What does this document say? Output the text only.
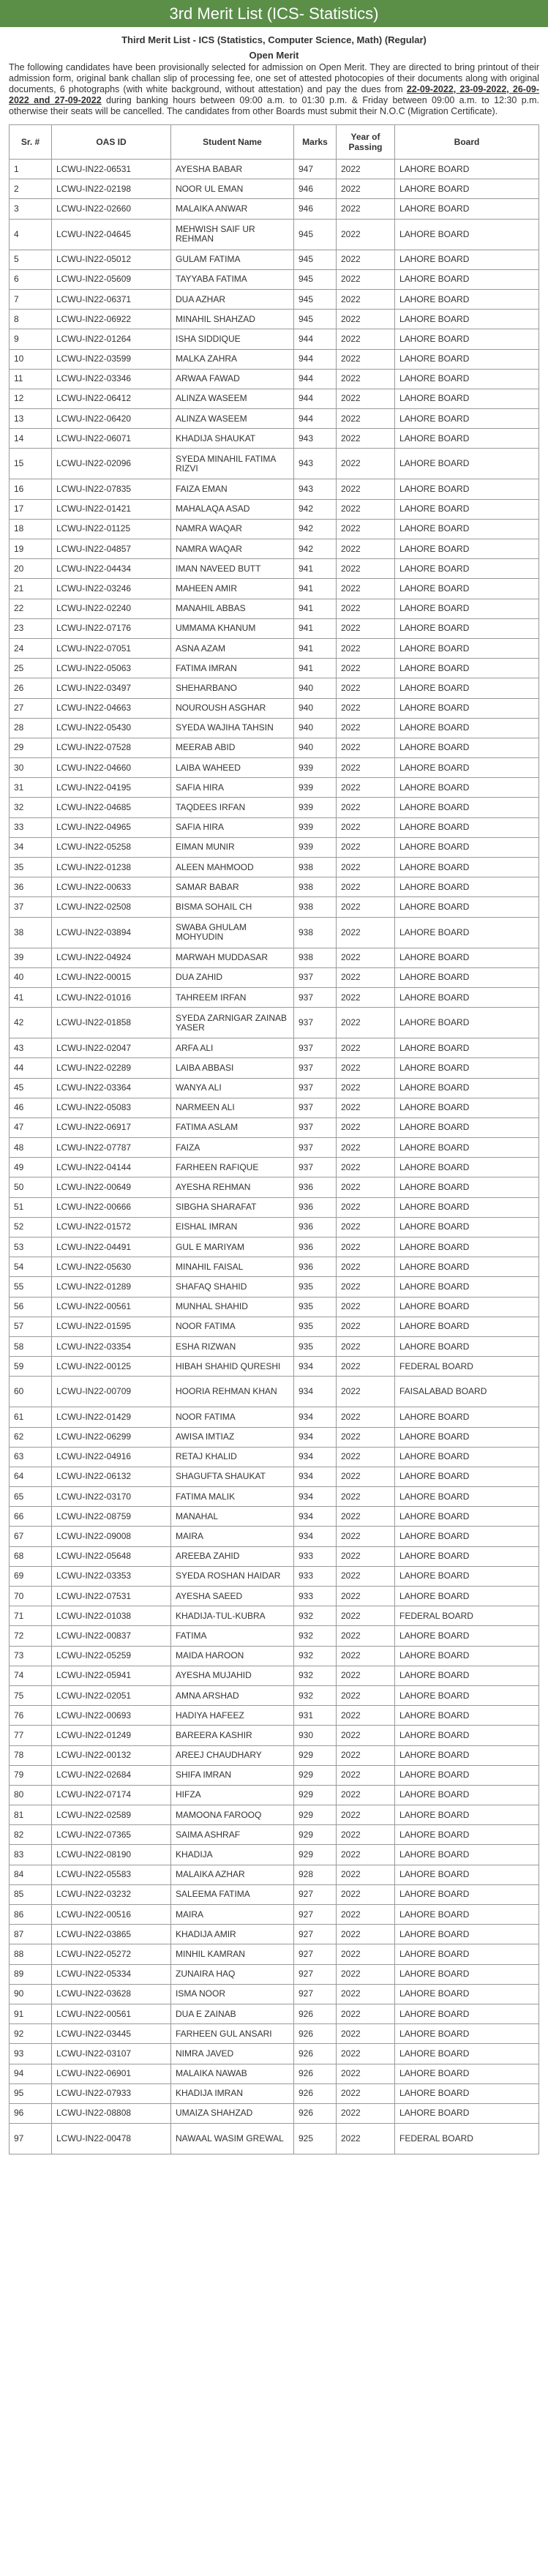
3rd Merit List (ICS- Statistics)
Third Merit List - ICS (Statistics, Computer Science, Math) (Regular)
Open Merit

The following candidates have been provisionally selected for admission on Open Merit. They are directed to bring printout of their admission form, original bank challan slip of processing fee, one set of attested photocopies of their documents along with original documents, 6 photographs (with white background, without attestation) and pay the dues from 22-09-2022, 23-09-2022, 26-09-2022 and 27-09-2022 during banking hours between 09:00 a.m. to 01:30 p.m. & Friday between 09:00 a.m. to 12:30 p.m. otherwise their seats will be cancelled. The candidates from other Boards must submit their N.O.C (Migration Certificate).

Sr. #	OAS ID	Student Name	Marks	Year of Passing	Board
1	LCWU-IN22-06531	AYESHA BABAR	947	2022	LAHORE BOARD
2	LCWU-IN22-02198	NOOR UL EMAN	946	2022	LAHORE BOARD
3	LCWU-IN22-02660	MALAIKA ANWAR	946	2022	LAHORE BOARD
4	LCWU-IN22-04645	MEHWISH SAIF UR REHMAN	945	2022	LAHORE BOARD
5	LCWU-IN22-05012	GULAM FATIMA	945	2022	LAHORE BOARD
6	LCWU-IN22-05609	TAYYABA FATIMA	945	2022	LAHORE BOARD
7	LCWU-IN22-06371	DUA AZHAR	945	2022	LAHORE BOARD
8	LCWU-IN22-06922	MINAHIL SHAHZAD	945	2022	LAHORE BOARD
9	LCWU-IN22-01264	ISHA SIDDIQUE	944	2022	LAHORE BOARD
10	LCWU-IN22-03599	MALKA ZAHRA	944	2022	LAHORE BOARD
11	LCWU-IN22-03346	ARWAA FAWAD	944	2022	LAHORE BOARD
12	LCWU-IN22-06412	ALINZA WASEEM	944	2022	LAHORE BOARD
13	LCWU-IN22-06420	ALINZA WASEEM	944	2022	LAHORE BOARD
14	LCWU-IN22-06071	KHADIJA SHAUKAT	943	2022	LAHORE BOARD
15	LCWU-IN22-02096	SYEDA MINAHIL FATIMA RIZVI	943	2022	LAHORE BOARD
16	LCWU-IN22-07835	FAIZA EMAN	943	2022	LAHORE BOARD
17	LCWU-IN22-01421	MAHALAQA ASAD	942	2022	LAHORE BOARD
18	LCWU-IN22-01125	NAMRA WAQAR	942	2022	LAHORE BOARD
19	LCWU-IN22-04857	NAMRA WAQAR	942	2022	LAHORE BOARD
20	LCWU-IN22-04434	IMAN NAVEED BUTT	941	2022	LAHORE BOARD
21	LCWU-IN22-03246	MAHEEN AMIR	941	2022	LAHORE BOARD
22	LCWU-IN22-02240	MANAHIL ABBAS	941	2022	LAHORE BOARD
23	LCWU-IN22-07176	UMMAMA KHANUM	941	2022	LAHORE BOARD
24	LCWU-IN22-07051	ASNA AZAM	941	2022	LAHORE BOARD
25	LCWU-IN22-05063	FATIMA IMRAN	941	2022	LAHORE BOARD
26	LCWU-IN22-03497	SHEHARBANO	940	2022	LAHORE BOARD
27	LCWU-IN22-04663	NOUROUSH ASGHAR	940	2022	LAHORE BOARD
28	LCWU-IN22-05430	SYEDA WAJIHA TAHSIN	940	2022	LAHORE BOARD
29	LCWU-IN22-07528	MEERAB ABID	940	2022	LAHORE BOARD
30	LCWU-IN22-04660	LAIBA WAHEED	939	2022	LAHORE BOARD
31	LCWU-IN22-04195	SAFIA HIRA	939	2022	LAHORE BOARD
32	LCWU-IN22-04685	TAQDEES IRFAN	939	2022	LAHORE BOARD
33	LCWU-IN22-04965	SAFIA HIRA	939	2022	LAHORE BOARD
34	LCWU-IN22-05258	EIMAN MUNIR	939	2022	LAHORE BOARD
35	LCWU-IN22-01238	ALEEN MAHMOOD	938	2022	LAHORE BOARD
36	LCWU-IN22-00633	SAMAR BABAR	938	2022	LAHORE BOARD
37	LCWU-IN22-02508	BISMA SOHAIL CH	938	2022	LAHORE BOARD
38	LCWU-IN22-03894	SWABA GHULAM MOHYUDIN	938	2022	LAHORE BOARD
39	LCWU-IN22-04924	MARWAH MUDDASAR	938	2022	LAHORE BOARD
40	LCWU-IN22-00015	DUA ZAHID	937	2022	LAHORE BOARD
41	LCWU-IN22-01016	TAHREEM IRFAN	937	2022	LAHORE BOARD
42	LCWU-IN22-01858	SYEDA ZARNIGAR ZAINAB YASER	937	2022	LAHORE BOARD
43	LCWU-IN22-02047	ARFA ALI	937	2022	LAHORE BOARD
44	LCWU-IN22-02289	LAIBA ABBASI	937	2022	LAHORE BOARD
45	LCWU-IN22-03364	WANYA ALI	937	2022	LAHORE BOARD
46	LCWU-IN22-05083	NARMEEN ALI	937	2022	LAHORE BOARD
47	LCWU-IN22-06917	FATIMA ASLAM	937	2022	LAHORE BOARD
48	LCWU-IN22-07787	FAIZA	937	2022	LAHORE BOARD
49	LCWU-IN22-04144	FARHEEN RAFIQUE	937	2022	LAHORE BOARD
50	LCWU-IN22-00649	AYESHA REHMAN	936	2022	LAHORE BOARD
51	LCWU-IN22-00666	SIBGHA SHARAFAT	936	2022	LAHORE BOARD
52	LCWU-IN22-01572	EISHAL IMRAN	936	2022	LAHORE BOARD
53	LCWU-IN22-04491	GUL E MARIYAM	936	2022	LAHORE BOARD
54	LCWU-IN22-05630	MINAHIL FAISAL	936	2022	LAHORE BOARD
55	LCWU-IN22-01289	SHAFAQ SHAHID	935	2022	LAHORE BOARD
56	LCWU-IN22-00561	MUNHAL SHAHID	935	2022	LAHORE BOARD
57	LCWU-IN22-01595	NOOR FATIMA	935	2022	LAHORE BOARD
58	LCWU-IN22-03354	ESHA RIZWAN	935	2022	LAHORE BOARD
59	LCWU-IN22-00125	HIBAH SHAHID QURESHI	934	2022	FEDERAL BOARD
60	LCWU-IN22-00709	HOORIA REHMAN KHAN	934	2022	FAISALABAD BOARD
61	LCWU-IN22-01429	NOOR FATIMA	934	2022	LAHORE BOARD
62	LCWU-IN22-06299	AWISA IMTIAZ	934	2022	LAHORE BOARD
63	LCWU-IN22-04916	RETAJ KHALID	934	2022	LAHORE BOARD
64	LCWU-IN22-06132	SHAGUFTA SHAUKAT	934	2022	LAHORE BOARD
65	LCWU-IN22-03170	FATIMA MALIK	934	2022	LAHORE BOARD
66	LCWU-IN22-08759	MANAHAL	934	2022	LAHORE BOARD
67	LCWU-IN22-09008	MAIRA	934	2022	LAHORE BOARD
68	LCWU-IN22-05648	AREEBA ZAHID	933	2022	LAHORE BOARD
69	LCWU-IN22-03353	SYEDA ROSHAN HAIDAR	933	2022	LAHORE BOARD
70	LCWU-IN22-07531	AYESHA SAEED	933	2022	LAHORE BOARD
71	LCWU-IN22-01038	KHADIJA-TUL-KUBRA	932	2022	FEDERAL BOARD
72	LCWU-IN22-00837	FATIMA	932	2022	LAHORE BOARD
73	LCWU-IN22-05259	MAIDA HAROON	932	2022	LAHORE BOARD
74	LCWU-IN22-05941	AYESHA MUJAHID	932	2022	LAHORE BOARD
75	LCWU-IN22-02051	AMNA ARSHAD	932	2022	LAHORE BOARD
76	LCWU-IN22-00693	HADIYA HAFEEZ	931	2022	LAHORE BOARD
77	LCWU-IN22-01249	BAREERA KASHIR	930	2022	LAHORE BOARD
78	LCWU-IN22-00132	AREEJ CHAUDHARY	929	2022	LAHORE BOARD
79	LCWU-IN22-02684	SHIFA IMRAN	929	2022	LAHORE BOARD
80	LCWU-IN22-07174	HIFZA	929	2022	LAHORE BOARD
81	LCWU-IN22-02589	MAMOONA FAROOQ	929	2022	LAHORE BOARD
82	LCWU-IN22-07365	SAIMA ASHRAF	929	2022	LAHORE BOARD
83	LCWU-IN22-08190	KHADIJA	929	2022	LAHORE BOARD
84	LCWU-IN22-05583	MALAIKA AZHAR	928	2022	LAHORE BOARD
85	LCWU-IN22-03232	SALEEMA FATIMA	927	2022	LAHORE BOARD
86	LCWU-IN22-00516	MAIRA	927	2022	LAHORE BOARD
87	LCWU-IN22-03865	KHADIJA AMIR	927	2022	LAHORE BOARD
88	LCWU-IN22-05272	MINHIL KAMRAN	927	2022	LAHORE BOARD
89	LCWU-IN22-05334	ZUNAIRA HAQ	927	2022	LAHORE BOARD
90	LCWU-IN22-03628	ISMA NOOR	927	2022	LAHORE BOARD
91	LCWU-IN22-00561	DUA E ZAINAB	926	2022	LAHORE BOARD
92	LCWU-IN22-03445	FARHEEN GUL ANSARI	926	2022	LAHORE BOARD
93	LCWU-IN22-03107	NIMRA JAVED	926	2022	LAHORE BOARD
94	LCWU-IN22-06901	MALAIKA NAWAB	926	2022	LAHORE BOARD
95	LCWU-IN22-07933	KHADIJA IMRAN	926	2022	LAHORE BOARD
96	LCWU-IN22-08808	UMAIZA SHAHZAD	926	2022	LAHORE BOARD
97	LCWU-IN22-00478	NAWAAL WASIM GREWAL	925	2022	FEDERAL BOARD
